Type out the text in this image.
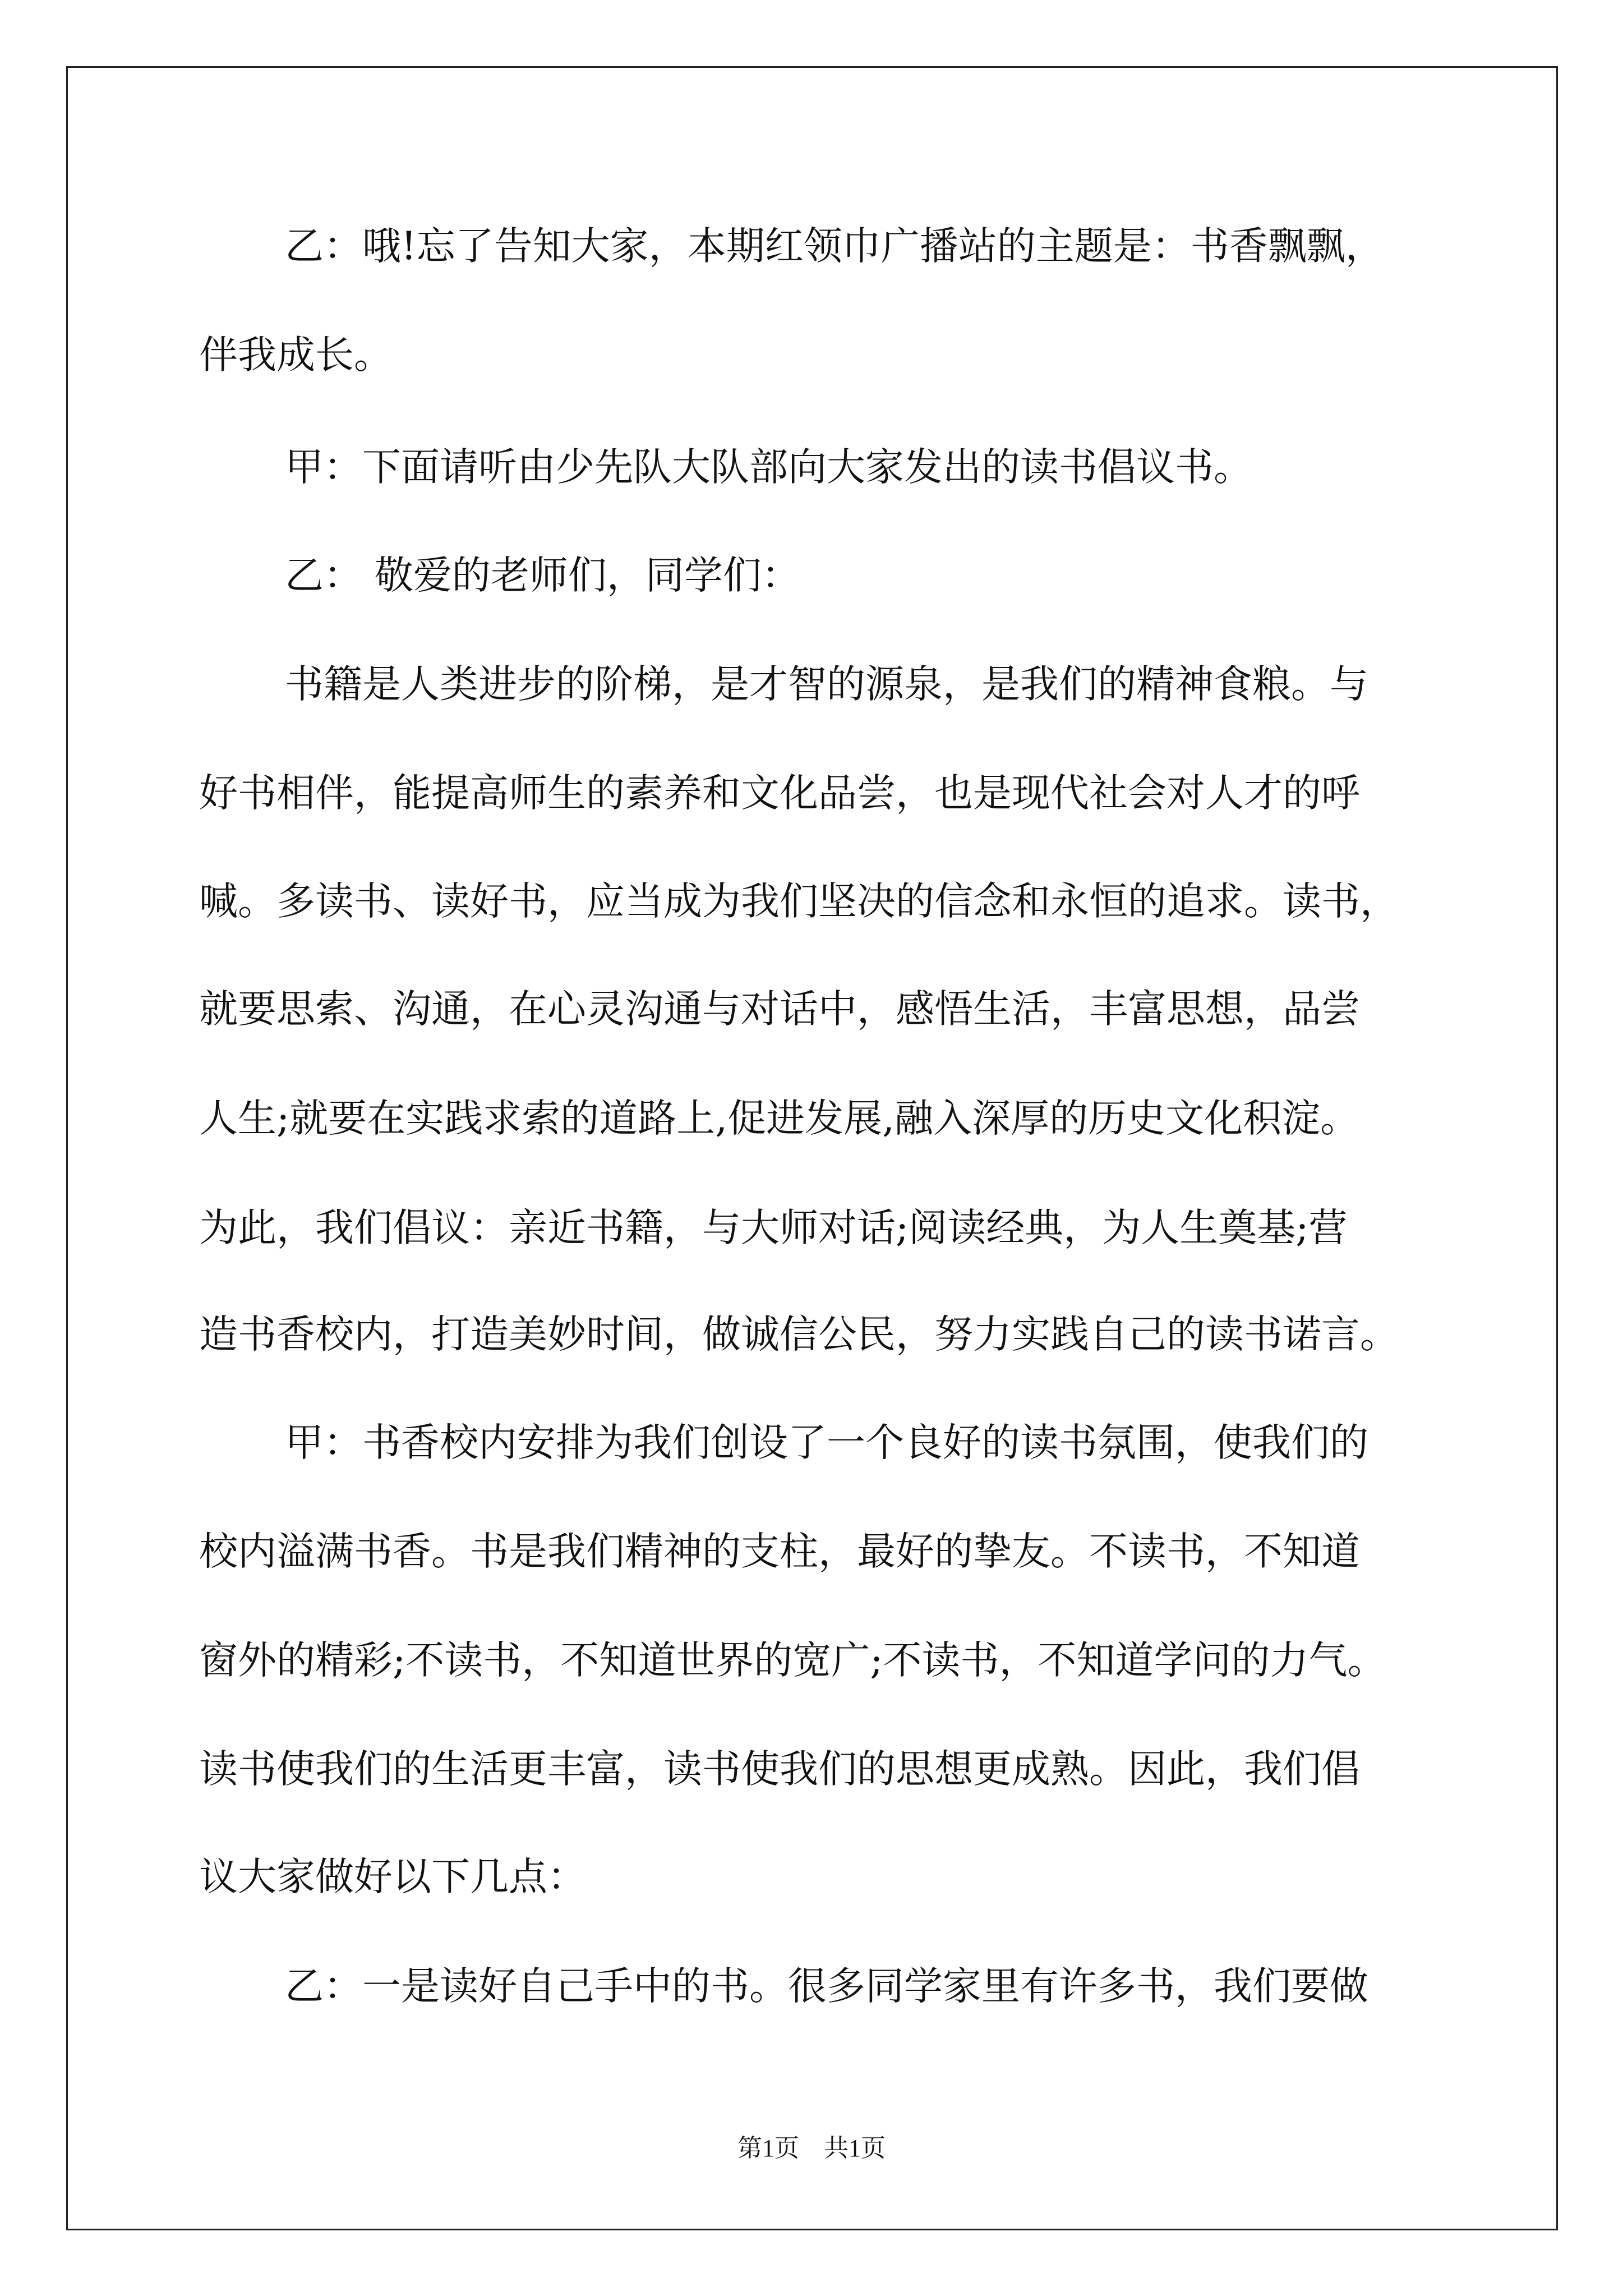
乙：哦!忘了告知大家，本期红领巾广播站的主题是：书香飘飘，
伴我成长。
甲：下面请听由少先队大队部向大家发出的读书倡议书。
乙： 敬爱的老师们，同学们：
书籍是人类进步的阶梯，是才智的源泉，是我们的精神食粮。与
好书相伴，能提高师生的素养和文化品尝，也是现代社会对人才的呼
喊。多读书、读好书，应当成为我们坚决的信念和永恒的追求。读书，
就要思索、沟通，在心灵沟通与对话中，感悟生活，丰富思想，品尝
人生;就要在实践求索的道路上,促进发展,融入深厚的历史文化积淀。
为此，我们倡议：亲近书籍，与大师对话;阅读经典，为人生奠基;营
造书香校内，打造美妙时间，做诚信公民，努力实践自己的读书诺言。
甲：书香校内安排为我们创设了一个良好的读书氛围，使我们的
校内溢满书香。书是我们精神的支柱，最好的挚友。不读书，不知道
窗外的精彩;不读书，不知道世界的宽广;不读书，不知道学问的力气。
读书使我们的生活更丰富，读书使我们的思想更成熟。因此，我们倡
议大家做好以下几点：
乙：一是读好自己手中的书。很多同学家里有许多书，我们要做
第1页 共1页
